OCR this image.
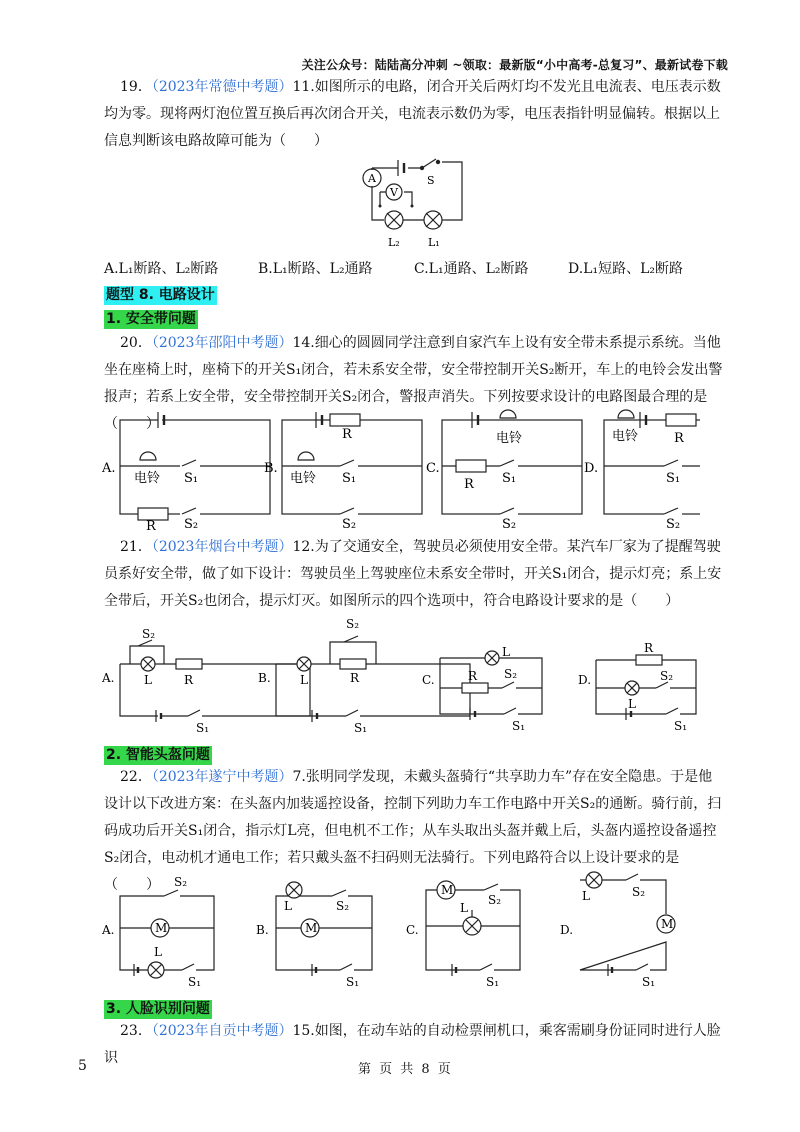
关注公众号：陆陆高分冲刺 ~领取：最新版“小中高考-总复习”、最新试卷下载
19．（2023年常德中考题）11.如图所示的电路，闭合开关后两灯均不发光且电流表、电压表示数均为零。现将两灯泡位置互换后再次闭合开关，电流表示数仍为零，电压表指针明显偏转。根据以上信息判断该电路故障可能为（　　）
A
V
S
L₂	L₁
A.L₁断路、L₂断路	B.L₁断路、L₂通路	C.L₁通路、L₂断路	D.L₁短路、L₂断路
题型 8. 电路设计
1. 安全带问题
20．（2023年邵阳中考题）14.细心的圆圆同学注意到自家汽车上设有安全带未系提示系统。当他坐在座椅上时，座椅下的开关S₁闭合，若未系安全带，安全带控制开关S₂断开，车上的电铃会发出警报声；若系上安全带，安全带控制开关S₂闭合，警报声消失。下列按要求设计的电路图最合理的是（　　）
A.
电铃 S₁
R S₂
B.
R
电铃 S₁
S₂
C.
电铃
R S₁
S₂
D.
电铃	R
S₁
S₂
21．（2023年烟台中考题）12.为了交通安全，驾驶员必须使用安全带。某汽车厂家为了提醒驾驶员系好安全带，做了如下设计：驾驶员坐上驾驶座位未系安全带时，开关S₁闭合，提示灯亮；系上安全带后，开关S₂也闭合，提示灯灭。如图所示的四个选项中，符合电路设计要求的是（　　）
A.
S₂
L	R
S₁
B.
S₂
L	R
S₁
C.
L
R S₂
S₁
D.
R
L
S₂
S₁
2. 智能头盔问题
22．（2023年遂宁中考题）7.张明同学发现，未戴头盔骑行“共享助力车”存在安全隐患。于是他设计以下改进方案：在头盔内加装遥控设备，控制下列助力车工作电路中开关S₂的通断。骑行前，扫码成功后开关S₁闭合，指示灯L亮，但电机不工作；从车头取出头盔并戴上后，头盔内遥控设备遥控S₂闭合，电动机才通电工作；若只戴头盔不扫码则无法骑行。下列电路符合以上设计要求的是（　　）
A.
S₂
M
L
S₁
B.
L	S₂
M
S₁
C.
M
S₂
L
S₁
D.
L	S₂
M
S₁
3. 人脸识别问题
23．（2023年自贡中考题）15.如图，在动车站的自动检票闸机口，乘客需刷身份证同时进行人脸识
5	第 页 共 8 页
